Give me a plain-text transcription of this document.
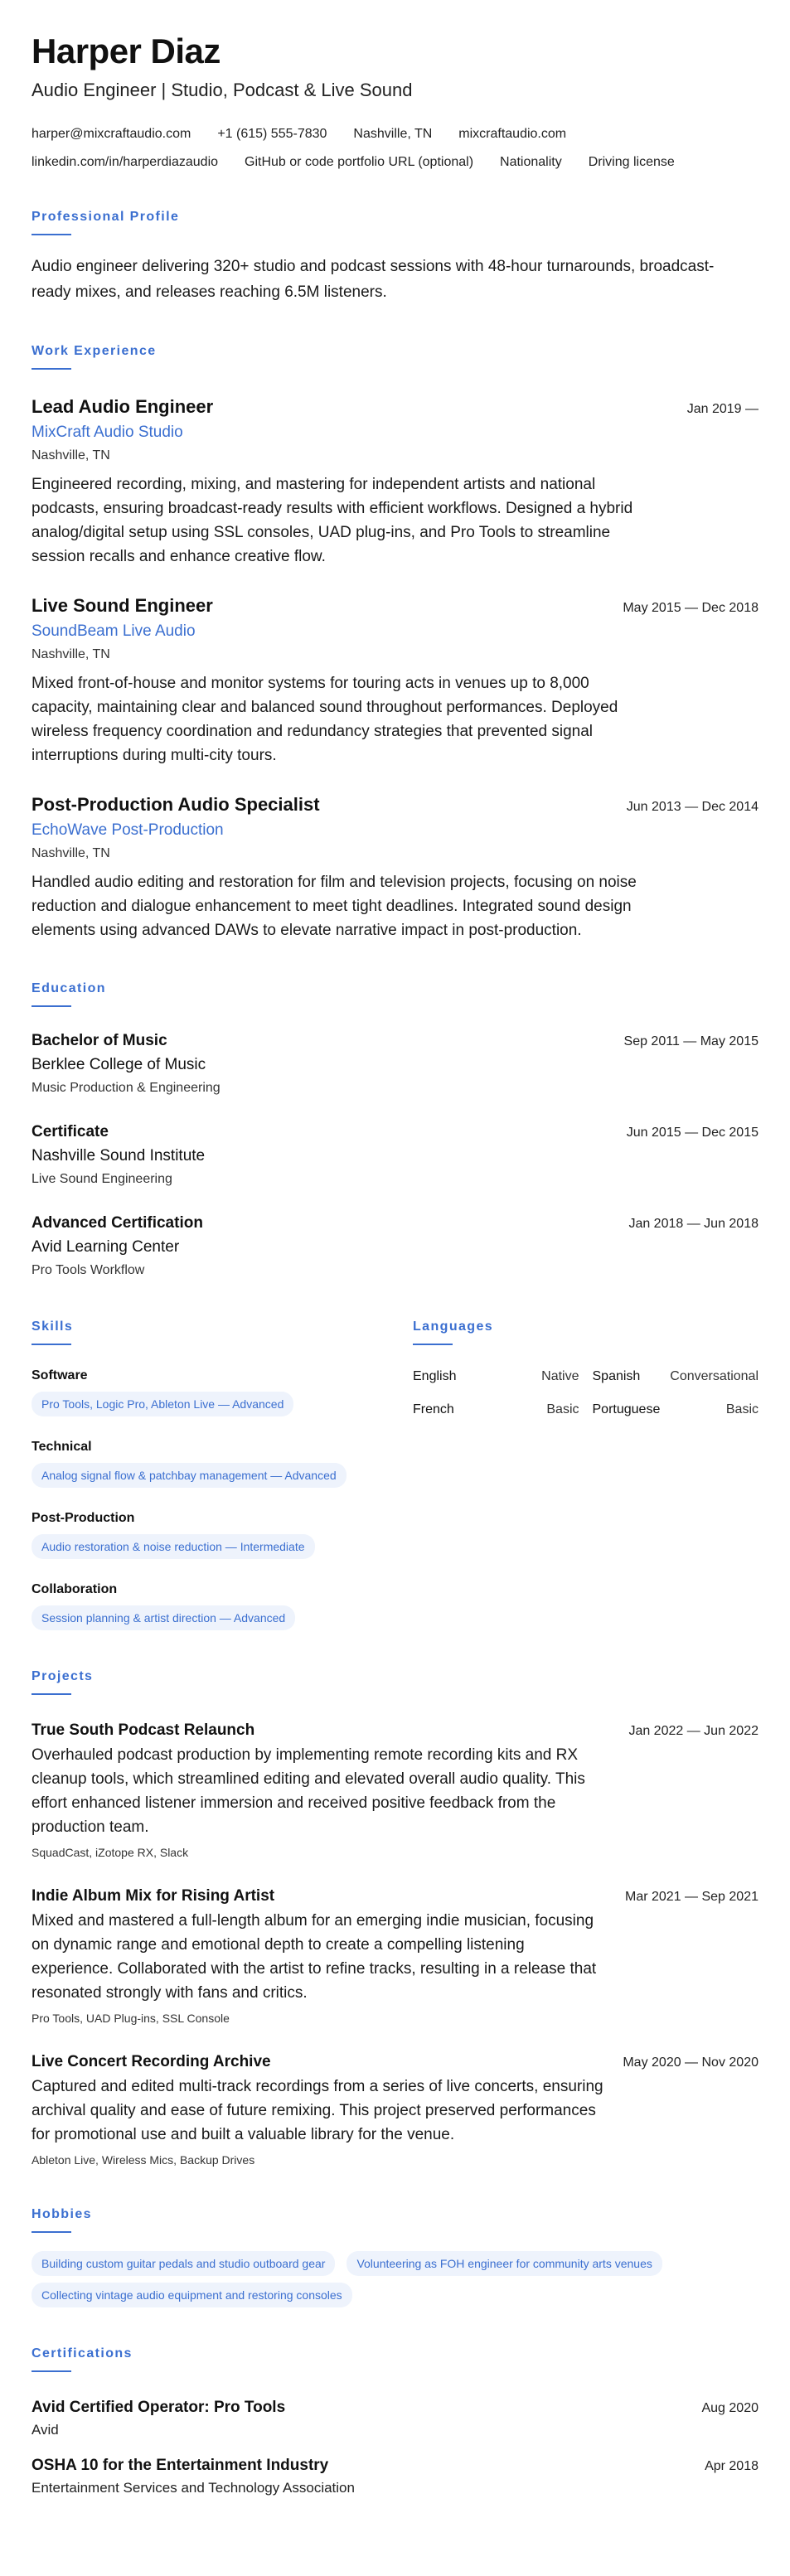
Harper Diaz
Audio Engineer | Studio, Podcast & Live Sound
harper@mixcraftaudio.com +1 (615) 555-7830 Nashville, TN mixcraftaudio.com
linkedin.com/in/harperdiazaudio GitHub or code portfolio URL (optional) Nationality Driving license
Professional Profile

Audio engineer delivering 320+ studio and podcast sessions with 48-hour turnarounds, broadcast-ready mixes, and releases reaching 6.5M listeners.

Work Experience
Lead Audio Engineer	Jan 2019 —
MixCraft Audio Studio
Nashville, TN

Engineered recording, mixing, and mastering for independent artists and national podcasts, ensuring broadcast-ready results with efficient workflows. Designed a hybrid analog/digital setup using SSL consoles, UAD plug-ins, and Pro Tools to streamline session recalls and enhance creative flow.

Live Sound Engineer	May 2015 — Dec 2018
SoundBeam Live Audio
Nashville, TN

Mixed front-of-house and monitor systems for touring acts in venues up to 8,000 capacity, maintaining clear and balanced sound throughout performances. Deployed wireless frequency coordination and redundancy strategies that prevented signal interruptions during multi-city tours.

Post-Production Audio Specialist	Jun 2013 — Dec 2014
EchoWave Post-Production
Nashville, TN

Handled audio editing and restoration for film and television projects, focusing on noise reduction and dialogue enhancement to meet tight deadlines. Integrated sound design elements using advanced DAWs to elevate narrative impact in post-production.

Education
Bachelor of Music	Sep 2011 — May 2015
Berklee College of Music
Music Production & Engineering
Certificate	Jun 2015 — Dec 2015
Nashville Sound Institute
Live Sound Engineering
Advanced Certification	Jan 2018 — Jun 2018
Avid Learning Center
Pro Tools Workflow
Skills
Software
Pro Tools, Logic Pro, Ableton Live — Advanced
Technical
Analog signal flow & patchbay management — Advanced
Post-Production
Audio restoration & noise reduction — Intermediate
Collaboration
Session planning & artist direction — Advanced
Languages
English	Native Spanish Conversational
French	Basic Portuguese	Basic
Projects
True South Podcast Relaunch	Jan 2022 — Jun 2022

Overhauled podcast production by implementing remote recording kits and RX cleanup tools, which streamlined editing and elevated overall audio quality. This effort enhanced listener immersion and received positive feedback from the production team.

SquadCast, iZotope RX, Slack
Indie Album Mix for Rising Artist	Mar 2021 — Sep 2021

Mixed and mastered a full-length album for an emerging indie musician, focusing on dynamic range and emotional depth to create a compelling listening experience. Collaborated with the artist to refine tracks, resulting in a release that resonated strongly with fans and critics.

Pro Tools, UAD Plug-ins, SSL Console
Live Concert Recording Archive	May 2020 — Nov 2020

Captured and edited multi-track recordings from a series of live concerts, ensuring archival quality and ease of future remixing. This project preserved performances for promotional use and built a valuable library for the venue.

Ableton Live, Wireless Mics, Backup Drives
Hobbies
Building custom guitar pedals and studio outboard gear	Volunteering as FOH engineer for community arts venues
Collecting vintage audio equipment and restoring consoles
Certifications
Avid Certified Operator: Pro Tools	Aug 2020
Avid
OSHA 10 for the Entertainment Industry	Apr 2018
Entertainment Services and Technology Association
